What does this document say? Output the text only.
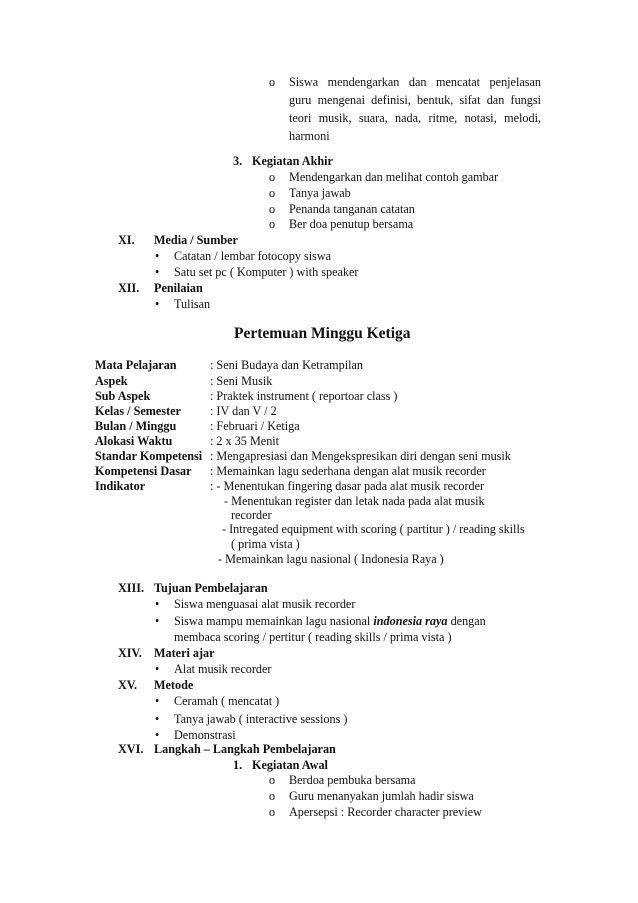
o Siswa mendengarkan dan mencatat penjelasan
guru mengenai definisi, bentuk, sifat dan fungsi
teori musik, suara, nada, ritme, notasi, melodi,
harmoni
3. Kegiatan Akhir
o Mendengarkan dan melihat contoh gambar
o Tanya jawab
o Penanda tanganan catatan
o Ber doa penutup bersama
XI. Media / Sumber
• Catatan / lembar fotocopy siswa
• Satu set pc ( Komputer ) with speaker
XII. Penilaian
• Tulisan
Pertemuan Minggu Ketiga
Mata Pelajaran	: Seni Budaya dan Ketrampilan
Aspek	: Seni Musik
Sub Aspek	: Praktek instrument ( reportoar class )
Kelas / Semester : IV dan V / 2
Bulan / Minggu	: Februari / Ketiga
Alokasi Waktu	: 2 x 35 Menit
Standar Kompetensi : Mengapresiasi dan Mengekspresikan diri dengan seni musik
Kompetensi Dasar : Memainkan lagu sederhana dengan alat musik recorder
Indikator	: - Menentukan fingering dasar pada alat musik recorder
- Menentukan register dan letak nada pada alat musik
recorder
- Intregated equipment with scoring ( partitur ) / reading skills
( prima vista )
- Memainkan lagu nasional ( Indonesia Raya )
XIII. Tujuan Pembelajaran
• Siswa menguasai alat musik recorder
• Siswa mampu memainkan lagu nasional indonesia raya dengan
membaca scoring / pertitur ( reading skills / prima vista )
XIV. Materi ajar
• Alat musik recorder
XV. Metode
• Ceramah ( mencatat )
• Tanya jawab ( interactive sessions )
• Demonstrasi
XVI. Langkah – Langkah Pembelajaran
1. Kegiatan Awal
o Berdoa pembuka bersama
o Guru menanyakan jumlah hadir siswa
o Apersepsi : Recorder character preview
